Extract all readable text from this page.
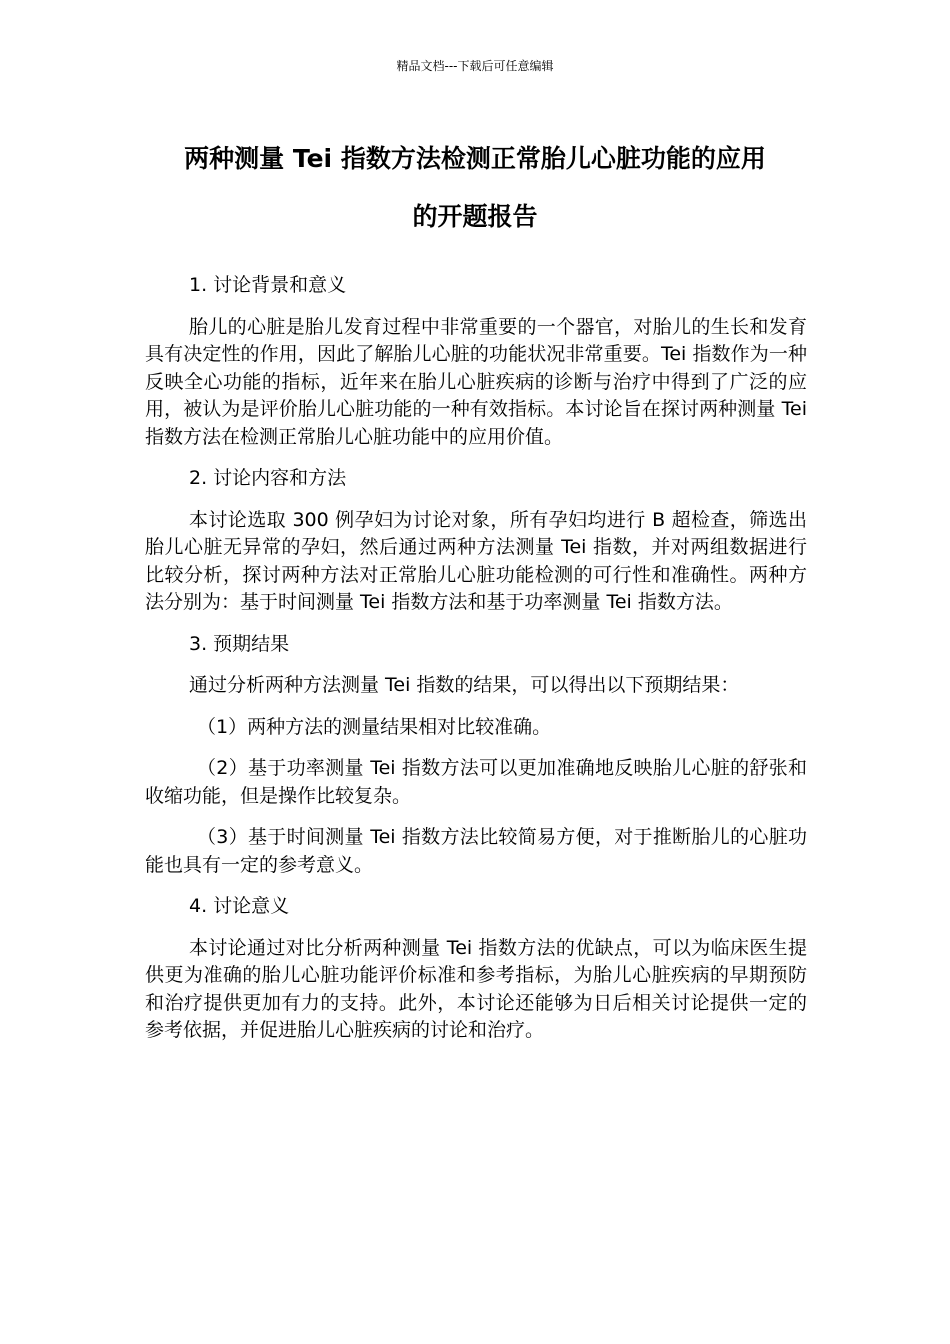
精品文档---下载后可任意编辑
两种测量 Tei 指数方法检测正常胎儿心脏功能的应用
的开题报告

1. 讨论背景和意义

胎儿的心脏是胎儿发育过程中非常重要的一个器官，对胎儿的生长和发育具有决定性的作用，因此了解胎儿心脏的功能状况非常重要。Tei 指数作为一种反映全心功能的指标，近年来在胎儿心脏疾病的诊断与治疗中得到了广泛的应用，被认为是评价胎儿心脏功能的一种有效指标。本讨论旨在探讨两种测量 Tei 指数方法在检测正常胎儿心脏功能中的应用价值。

2. 讨论内容和方法

本讨论选取 300 例孕妇为讨论对象，所有孕妇均进行 B 超检查，筛选出胎儿心脏无异常的孕妇，然后通过两种方法测量 Tei 指数，并对两组数据进行比较分析，探讨两种方法对正常胎儿心脏功能检测的可行性和准确性。两种方法分别为：基于时间测量 Tei 指数方法和基于功率测量 Tei 指数方法。

3. 预期结果

通过分析两种方法测量 Tei 指数的结果，可以得出以下预期结果：

（1）两种方法的测量结果相对比较准确。

（2）基于功率测量 Tei 指数方法可以更加准确地反映胎儿心脏的舒张和收缩功能，但是操作比较复杂。

（3）基于时间测量 Tei 指数方法比较简易方便，对于推断胎儿的心脏功能也具有一定的参考意义。

4. 讨论意义

本讨论通过对比分析两种测量 Tei 指数方法的优缺点，可以为临床医生提供更为准确的胎儿心脏功能评价标准和参考指标，为胎儿心脏疾病的早期预防和治疗提供更加有力的支持。此外，本讨论还能够为日后相关讨论提供一定的参考依据，并促进胎儿心脏疾病的讨论和治疗。
